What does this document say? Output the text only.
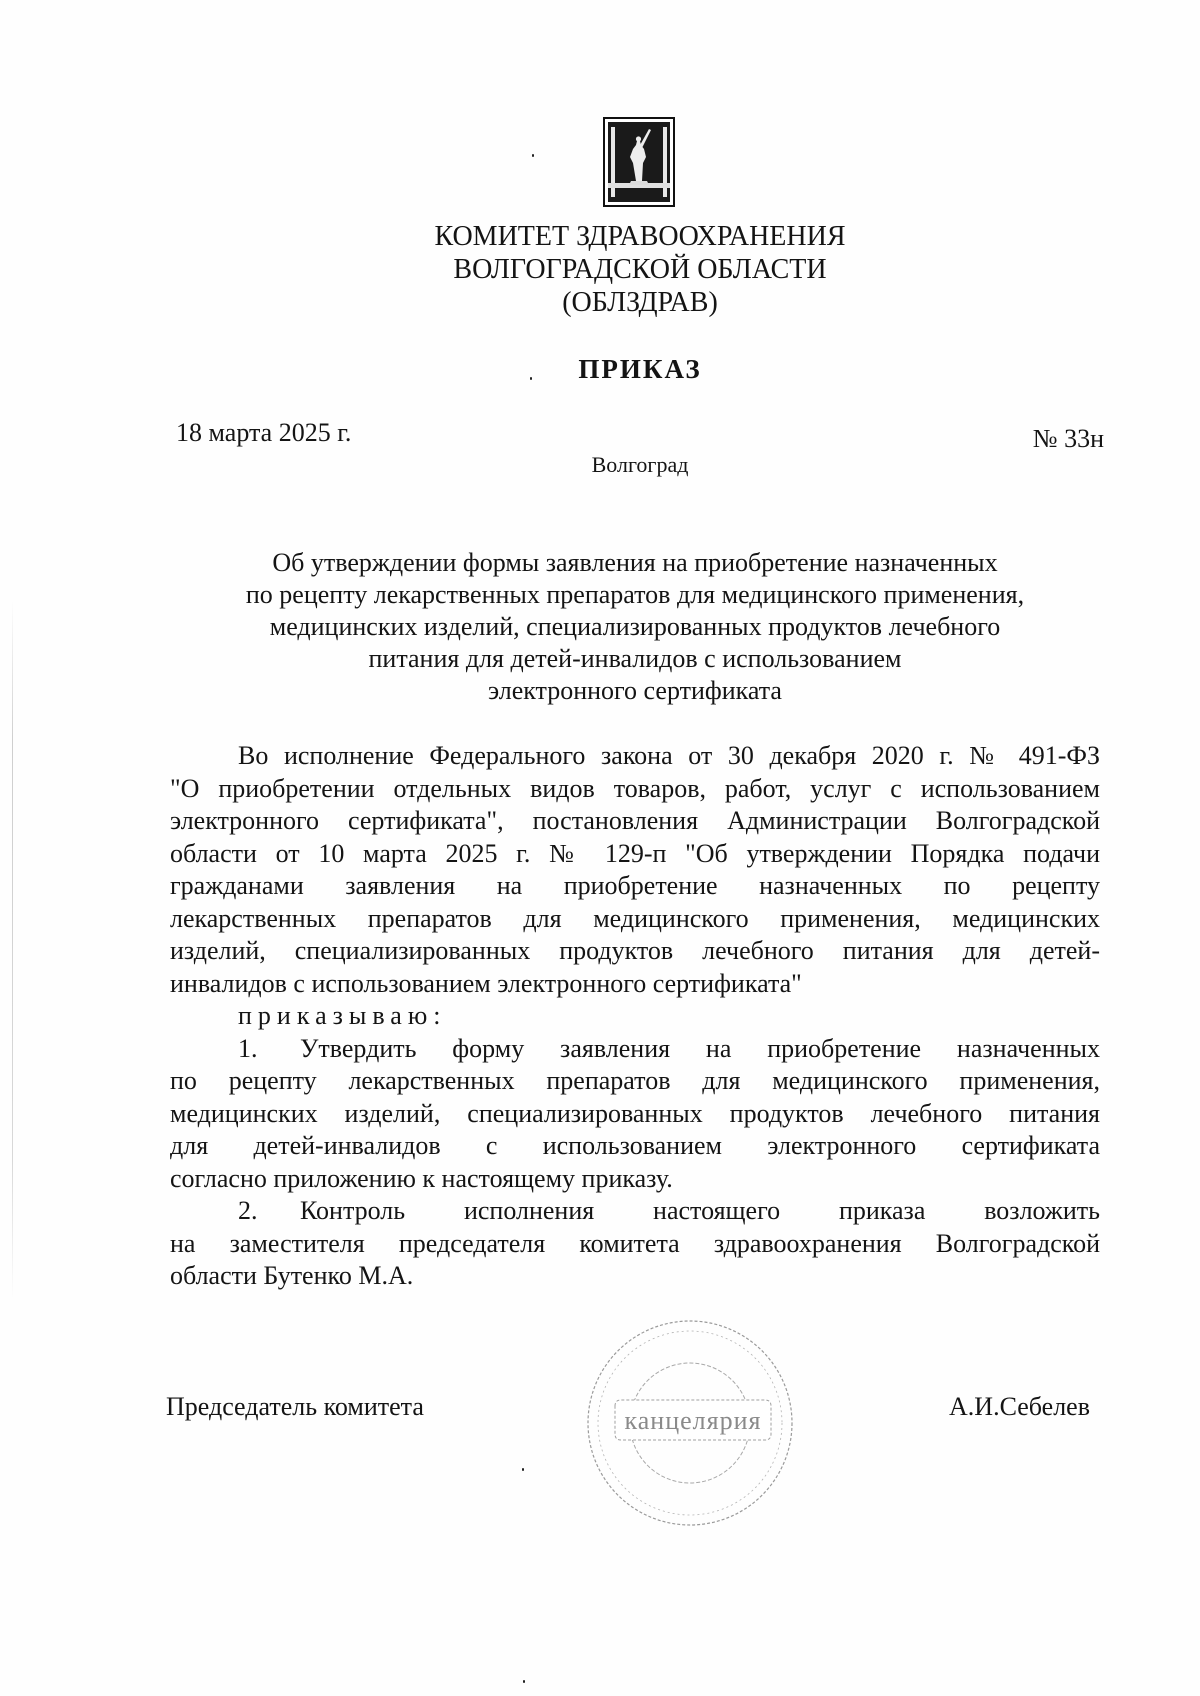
КОМИТЕТ ЗДРАВООХРАНЕНИЯ
ВОЛГОГРАДСКОЙ ОБЛАСТИ
(ОБЛЗДРАВ)
ПРИКАЗ
18 марта 2025 г.	№ 33н
Волгоград
Об утверждении формы заявления на приобретение назначенных
по рецепту лекарственных препаратов для медицинского применения,
медицинских изделий, специализированных продуктов лечебного
питания для детей-инвалидов с использованием
электронного сертификата
Во исполнение Федерального закона от 30 декабря 2020 г. № 491-ФЗ
"О приобретении отдельных видов товаров, работ, услуг с использованием
электронного сертификата", постановления Администрации Волгоградской
области от 10 марта 2025 г. № 129-п "Об утверждении Порядка подачи
гражданами заявления на приобретение назначенных по рецепту
лекарственных препаратов для медицинского применения, медицинских
изделий, специализированных продуктов лечебного питания для детей-
инвалидов с использованием электронного сертификата"
приказываю:
1. Утвердить форму заявления на приобретение назначенных
по рецепту лекарственных препаратов для медицинского применения,
медицинских изделий, специализированных продуктов лечебного питания
для детей-инвалидов с использованием электронного сертификата
согласно приложению к настоящему приказу.
2. Контроль исполнения настоящего приказа возложить
на заместителя председателя комитета здравоохранения Волгоградской
области Бутенко М.А.
Председатель комитета	А.И.Себелев
канцелярия
